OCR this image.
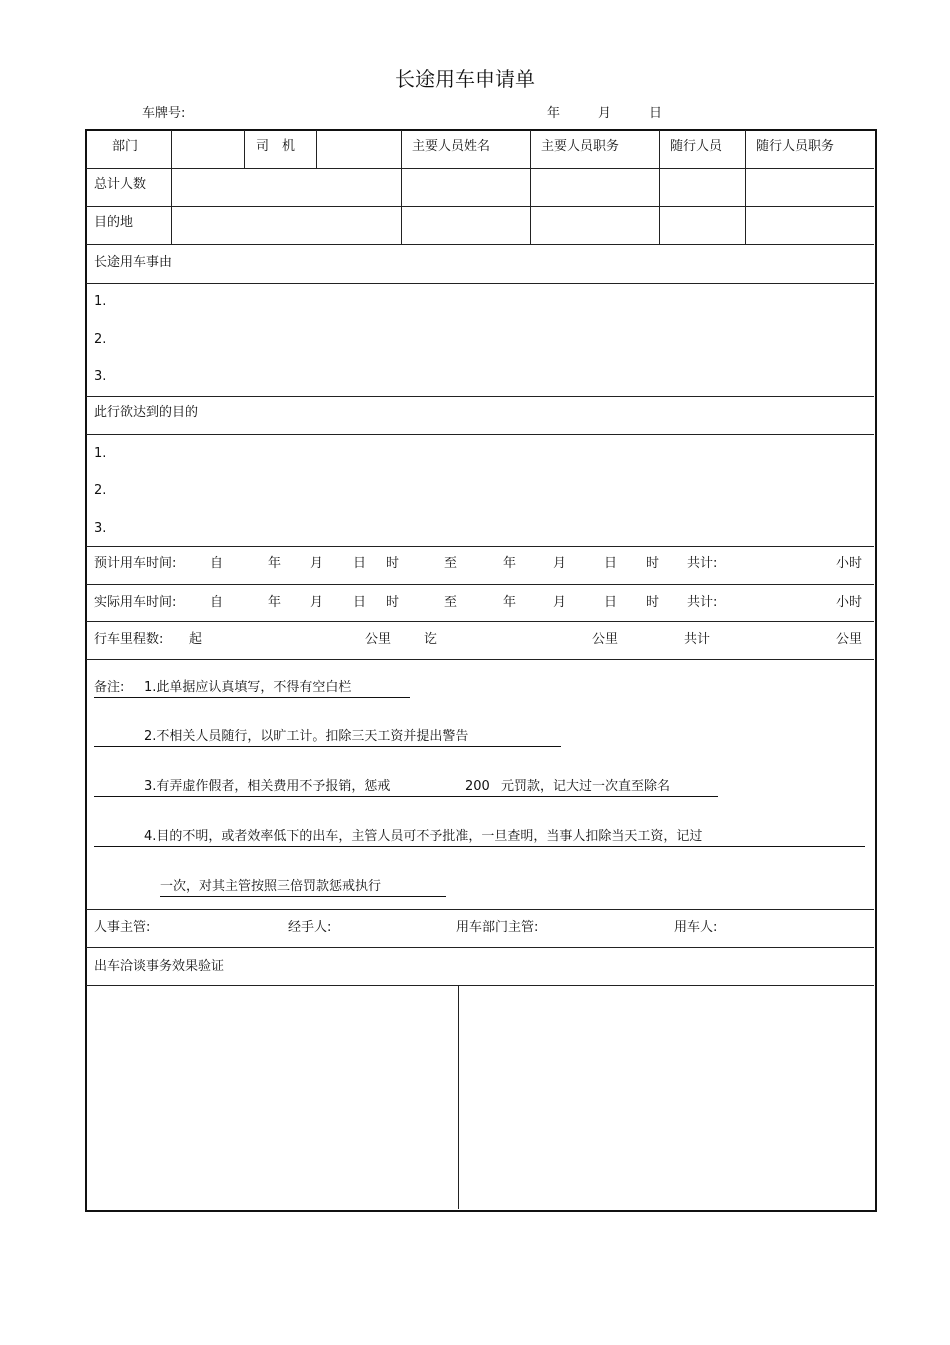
长途用车申请单
车牌号:	年	月	日
部门	司　机	主要人员姓名	主要人员职务	随行人员	随行人员职务
总计人数
目的地
长途用车事由
1.
2.
3.
此行欲达到的目的
1.
2.
3.
预计用车时间:	自	年 月 日 时	至	年	月	日 时 共计:	小时
实际用车时间:	自	年 月 日 时	至	年	月	日 时 共计:	小时
行车里程数: 起	公里	讫	公里	共计	公里
备注: 1.此单据应认真填写，不得有空白栏
2.不相关人员随行，以旷工计。扣除三天工资并提出警告
3.有弄虚作假者，相关费用不予报销，惩戒	200 元罚款，记大过一次直至除名
4.目的不明，或者效率低下的出车，主管人员可不予批准，一旦查明，当事人扣除当天工资，记过
一次，对其主管按照三倍罚款惩戒执行
人事主管:	经手人:	用车部门主管:	用车人:
出车洽谈事务效果验证
